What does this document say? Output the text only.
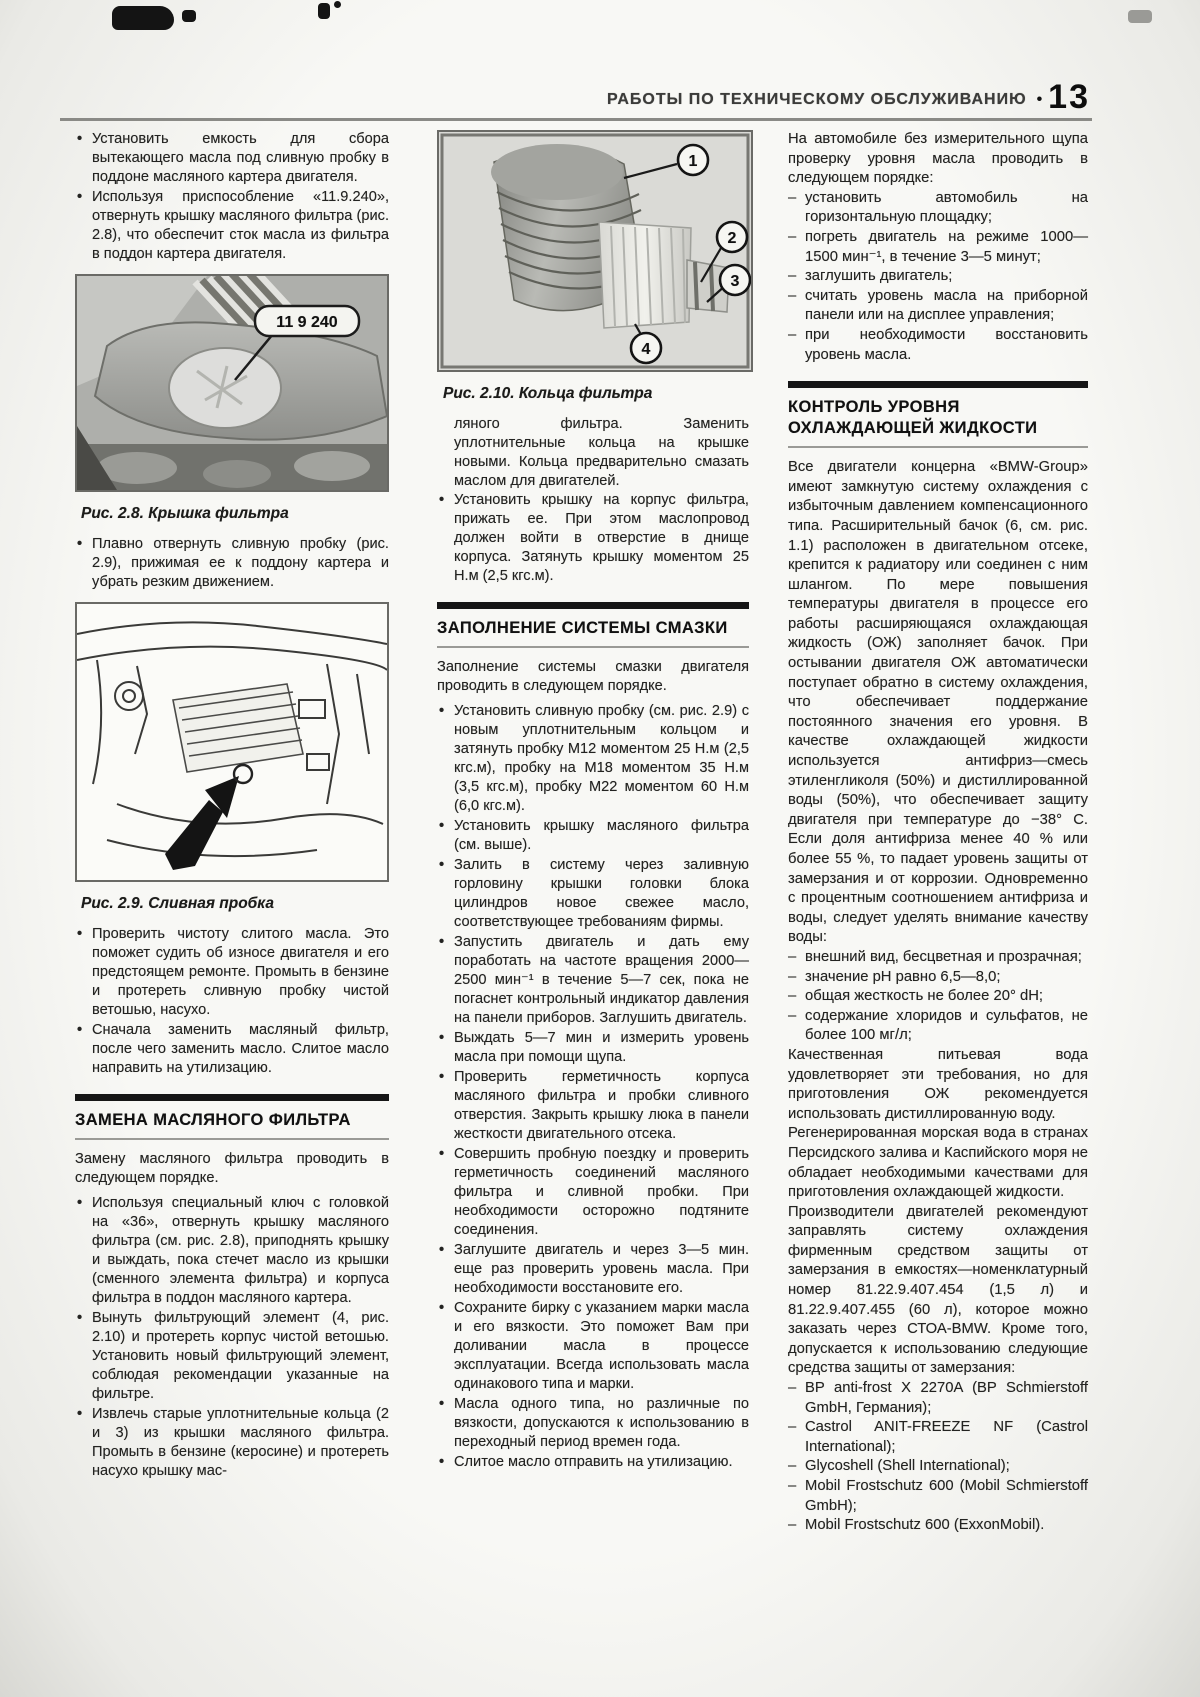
РАБОТЫ ПО ТЕХНИЧЕСКОМУ ОБСЛУЖИВАНИЮ • 13
• Установить емкость для сбора вытекающего масла под сливную пробку в поддоне масляного картера двигателя.
• Используя приспособление «11.9.240», отвернуть крышку масляного фильтра (рис. 2.8), что обеспечит сток масла из фильтра в поддон картера двигателя.
11 9 240
Рис. 2.8. Крышка фильтра
• Плавно отвернуть сливную пробку (рис. 2.9), прижимая ее к поддону картера и убрать резким движением.
Рис. 2.9. Сливная пробка
• Проверить чистоту слитого масла. Это поможет судить об износе двигателя и его предстоящем ремонте. Промыть в бензине и протереть сливную пробку чистой ветошью, насухо.
• Сначала заменить масляный фильтр, после чего заменить масло. Слитое масло направить на утилизацию.
ЗАМЕНА МАСЛЯНОГО ФИЛЬТРА

Замену масляного фильтра проводить в следующем порядке.

• Используя специальный ключ с головкой на «36», отвернуть крышку масляного фильтра (см. рис. 2.8), приподнять крышку и выждать, пока стечет масло из крышки (сменного элемента фильтра) и корпуса фильтра в поддон масляного картера.
• Вынуть фильтрующий элемент (4, рис. 2.10) и протереть корпус чистой ветошью. Установить новый фильтрующий элемент, соблюдая рекомендации указанные на фильтре.
• Извлечь старые уплотнительные кольца (2 и 3) из крышки масляного фильтра. Промыть в бензине (керосине) и протереть насухо крышку мас-
1
2
3
4
Рис. 2.10. Кольца фильтра

ляного фильтра. Заменить уплотнительные кольца на крышке новыми. Кольца предварительно смазать маслом для двигателей.

• Установить крышку на корпус фильтра, прижать ее. При этом маслопровод должен войти в отверстие в днище корпуса. Затянуть крышку моментом 25 Н.м (2,5 кгс.м).
ЗАПОЛНЕНИЕ СИСТЕМЫ СМАЗКИ

Заполнение системы смазки двигателя проводить в следующем порядке.

• Установить сливную пробку (см. рис. 2.9) с новым уплотнительным кольцом и затянуть пробку М12 моментом 25 Н.м (2,5 кгс.м), пробку на М18 моментом 35 Н.м (3,5 кгс.м), пробку М22 моментом 60 Н.м (6,0 кгс.м).
• Установить крышку масляного фильтра (см. выше).
• Залить в систему через заливную горловину крышки головки блока цилиндров новое свежее масло, соответствующее требованиям фирмы.
• Запустить двигатель и дать ему поработать на частоте вращения 2000—2500 мин⁻¹ в течение 5—7 сек, пока не погаснет контрольный индикатор давления на панели приборов. Заглушить двигатель.
• Выждать 5—7 мин и измерить уровень масла при помощи щупа.
• Проверить герметичность корпуса масляного фильтра и пробки сливного отверстия. Закрыть крышку люка в панели жесткости двигательного отсека.
• Совершить пробную поездку и проверить герметичность соединений масляного фильтра и сливной пробки. При необходимости осторожно подтяните соединения.
• Заглушите двигатель и через 3—5 мин. еще раз проверить уровень масла. При необходимости восстановите его.
• Сохраните бирку с указанием марки масла и его вязкости. Это поможет Вам при доливании масла в процессе эксплуатации. Всегда использовать масла одинакового типа и марки.
• Масла одного типа, но различные по вязкости, допускаются к использованию в переходный период времен года.
• Слитое масло отправить на утилизацию.

На автомобиле без измерительного щупа проверку уровня масла проводить в следующем порядке:

– установить автомобиль на горизонтальную площадку;
– погреть двигатель на режиме 1000—1500 мин⁻¹, в течение 3—5 минут;
– заглушить двигатель;
– считать уровень масла на приборной панели или на дисплее управления;
– при необходимости восстановить уровень масла.
КОНТРОЛЬ УРОВНЯ
ОХЛАЖДАЮЩЕЙ ЖИДКОСТИ

Все двигатели концерна «BMW-Group» имеют замкнутую систему охлаждения с избыточным давлением компенсационного типа. Расширительный бачок (6, см. рис. 1.1) расположен в двигательном отсеке, крепится к радиатору или соединен с ним шлангом. По мере повышения температуры двигателя в процессе его работы расширяющаяся охлаждающая жидкость (ОЖ) заполняет бачок. При остывании двигателя ОЖ автоматически поступает обратно в систему охлаждения, что обеспечивает поддержание постоянного значения его уровня. В качестве охлаждающей жидкости используется антифриз—смесь этиленгликоля (50%) и дистиллированной воды (50%), что обеспечивает защиту двигателя при температуре до −38° С. Если доля антифриза менее 40 % или более 55 %, то падает уровень защиты от замерзания и от коррозии. Одновременно с процентным соотношением антифриза и воды, следует уделять внимание качеству воды:

– внешний вид, бесцветная и прозрачная;
– значение рН равно 6,5—8,0;
– общая жесткость не более 20° dH;
– содержание хлоридов и сульфатов, не более 100 мг/л;

Качественная питьевая вода удовлетворяет эти требования, но для приготовления ОЖ рекомендуется использовать дистиллированную воду.

Регенерированная морская вода в странах Персидского залива и Каспийского моря не обладает необходимыми качествами для приготовления охлаждающей жидкости.

Производители двигателей рекомендуют заправлять систему охлаждения фирменным средством защиты от замерзания в емкостях—номенклатурный номер 81.22.9.407.454 (1,5 л) и 81.22.9.407.455 (60 л), которое можно заказать через СТОА-BMW. Кроме того, допускается к использованию следующие средства защиты от замерзания:

– BP anti-frost X 2270A (BP Schmierstoff GmbH, Германия);
– Castrol ANIT-FREEZE NF (Castrol International);
– Glycoshell (Shell International);
– Mobil Frostschutz 600 (Mobil Schmierstoff GmbH);
– Mobil Frostschutz 600 (ExxonMobil).
